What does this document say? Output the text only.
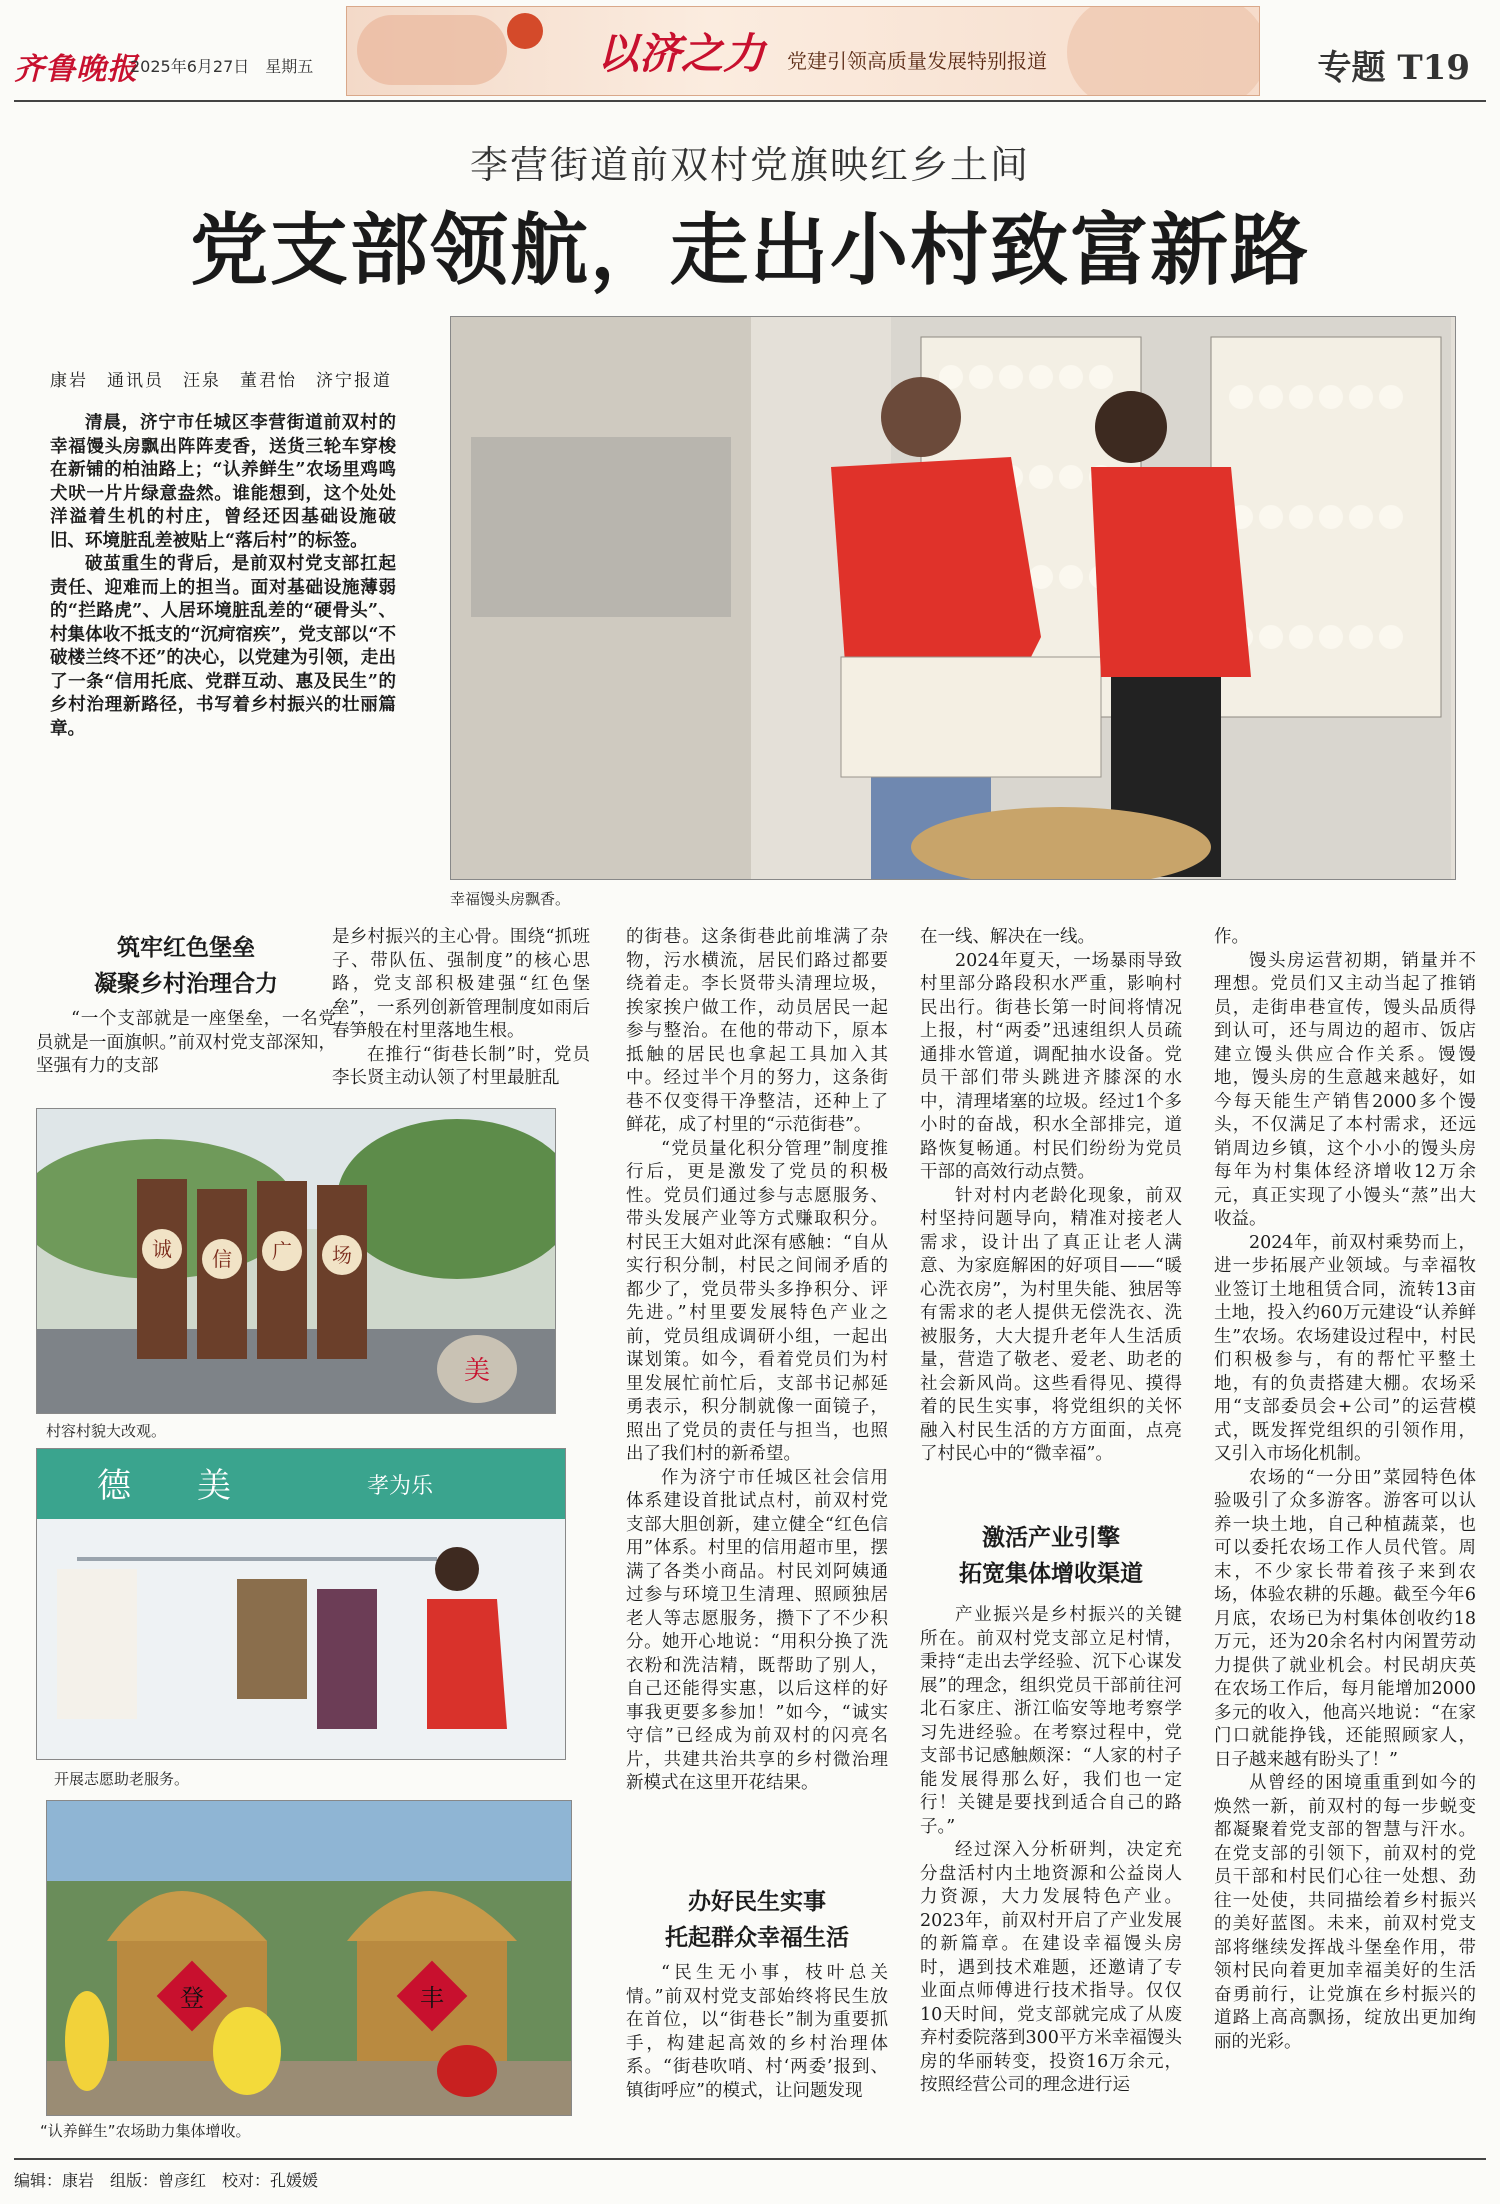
齐鲁晚报
2025年6月27日　星期五	以济之力 党建引领高质量发展特别报道	专题 T19
李营街道前双村党旗映红乡土间
党支部领航，走出小村致富新路
康岩　通讯员　汪泉　董君怡　济宁报道

清晨，济宁市任城区李营街道前双村的幸福馒头房飘出阵阵麦香，送货三轮车穿梭在新铺的柏油路上；“认养鲜生”农场里鸡鸣犬吠一片片绿意盎然。谁能想到，这个处处洋溢着生机的村庄，曾经还因基础设施破旧、环境脏乱差被贴上“落后村”的标签。

破茧重生的背后，是前双村党支部扛起责任、迎难而上的担当。面对基础设施薄弱的“拦路虎”、人居环境脏乱差的“硬骨头”、村集体收不抵支的“沉疴宿疾”，党支部以“不破楼兰终不还”的决心，以党建为引领，走出了一条“信用托底、党群互动、惠及民生”的乡村治理新路径，书写着乡村振兴的壮丽篇章。

幸福馒头房飘香。
筑牢红色堡垒
凝聚乡村治理合力

“一个支部就是一座堡垒，一名党员就是一面旗帜。”前双村党支部深知，坚强有力的支部

诚 信 广 场
美
村容村貌大改观。
德 美	孝为乐
开展志愿助老服务。
登	丰
“认养鲜生”农场助力集体增收。

是乡村振兴的主心骨。围绕“抓班子、带队伍、强制度”的核心思路，党支部积极建强“红色堡垒”，一系列创新管理制度如雨后春笋般在村里落地生根。

在推行“街巷长制”时，党员李长贤主动认领了村里最脏乱

的街巷。这条街巷此前堆满了杂物，污水横流，居民们路过都要绕着走。李长贤带头清理垃圾，挨家挨户做工作，动员居民一起参与整治。在他的带动下，原本抵触的居民也拿起工具加入其中。经过半个月的努力，这条街巷不仅变得干净整洁，还种上了鲜花，成了村里的“示范街巷”。

“党员量化积分管理”制度推行后，更是激发了党员的积极性。党员们通过参与志愿服务、带头发展产业等方式赚取积分。村民王大姐对此深有感触：“自从实行积分制，村民之间闹矛盾的都少了，党员带头多挣积分、评先进。”村里要发展特色产业之前，党员组成调研小组，一起出谋划策。如今，看着党员们为村里发展忙前忙后，支部书记郝延勇表示，积分制就像一面镜子，照出了党员的责任与担当，也照出了我们村的新希望。

作为济宁市任城区社会信用体系建设首批试点村，前双村党支部大胆创新，建立健全“红色信用”体系。村里的信用超市里，摆满了各类小商品。村民刘阿姨通过参与环境卫生清理、照顾独居老人等志愿服务，攒下了不少积分。她开心地说：“用积分换了洗衣粉和洗洁精，既帮助了别人，自己还能得实惠，以后这样的好事我更要多参加！”如今，“诚实守信”已经成为前双村的闪亮名片，共建共治共享的乡村微治理新模式在这里开花结果。

办好民生实事
托起群众幸福生活

“民生无小事，枝叶总关情。”前双村党支部始终将民生放在首位，以“街巷长”制为重要抓手，构建起高效的乡村治理体系。“街巷吹哨、村‘两委’报到、镇街呼应”的模式，让问题发现

在一线、解决在一线。

2024年夏天，一场暴雨导致村里部分路段积水严重，影响村民出行。街巷长第一时间将情况上报，村“两委”迅速组织人员疏通排水管道，调配抽水设备。党员干部们带头跳进齐膝深的水中，清理堵塞的垃圾。经过1个多小时的奋战，积水全部排完，道路恢复畅通。村民们纷纷为党员干部的高效行动点赞。

针对村内老龄化现象，前双村坚持问题导向，精准对接老人需求，设计出了真正让老人满意、为家庭解困的好项目——“暖心洗衣房”，为村里失能、独居等有需求的老人提供无偿洗衣、洗被服务，大大提升老年人生活质量，营造了敬老、爱老、助老的社会新风尚。这些看得见、摸得着的民生实事，将党组织的关怀融入村民生活的方方面面，点亮了村民心中的“微幸福”。

激活产业引擎
拓宽集体增收渠道

产业振兴是乡村振兴的关键所在。前双村党支部立足村情，秉持“走出去学经验、沉下心谋发展”的理念，组织党员干部前往河北石家庄、浙江临安等地考察学习先进经验。在考察过程中，党支部书记感触颇深：“人家的村子能发展得那么好，我们也一定行！关键是要找到适合自己的路子。”

经过深入分析研判，决定充分盘活村内土地资源和公益岗人力资源，大力发展特色产业。2023年，前双村开启了产业发展的新篇章。在建设幸福馒头房时，遇到技术难题，还邀请了专业面点师傅进行技术指导。仅仅10天时间，党支部就完成了从废弃村委院落到300平方米幸福馒头房的华丽转变，投资16万余元，按照经营公司的理念进行运

作。

馒头房运营初期，销量并不理想。党员们又主动当起了推销员，走街串巷宣传，馒头品质得到认可，还与周边的超市、饭店建立馒头供应合作关系。馒馒地，馒头房的生意越来越好，如今每天能生产销售2000多个馒头，不仅满足了本村需求，还远销周边乡镇，这个小小的馒头房每年为村集体经济增收12万余元，真正实现了小馒头“蒸”出大收益。

2024年，前双村乘势而上，进一步拓展产业领域。与幸福牧业签订土地租赁合同，流转13亩土地，投入约60万元建设“认养鲜生”农场。农场建设过程中，村民们积极参与，有的帮忙平整土地，有的负责搭建大棚。农场采用“支部委员会+公司”的运营模式，既发挥党组织的引领作用，又引入市场化机制。

农场的“一分田”菜园特色体验吸引了众多游客。游客可以认养一块土地，自己种植蔬菜，也可以委托农场工作人员代管。周末，不少家长带着孩子来到农场，体验农耕的乐趣。截至今年6月底，农场已为村集体创收约18万元，还为20余名村内闲置劳动力提供了就业机会。村民胡庆英在农场工作后，每月能增加2000多元的收入，他高兴地说：“在家门口就能挣钱，还能照顾家人，日子越来越有盼头了！”

从曾经的困境重重到如今的焕然一新，前双村的每一步蜕变都凝聚着党支部的智慧与汗水。在党支部的引领下，前双村的党员干部和村民们心往一处想、劲往一处使，共同描绘着乡村振兴的美好蓝图。未来，前双村党支部将继续发挥战斗堡垒作用，带领村民向着更加幸福美好的生活奋勇前行，让党旗在乡村振兴的道路上高高飘扬，绽放出更加绚丽的光彩。

编辑：康岩　组版：曾彦红　校对：孔媛媛
